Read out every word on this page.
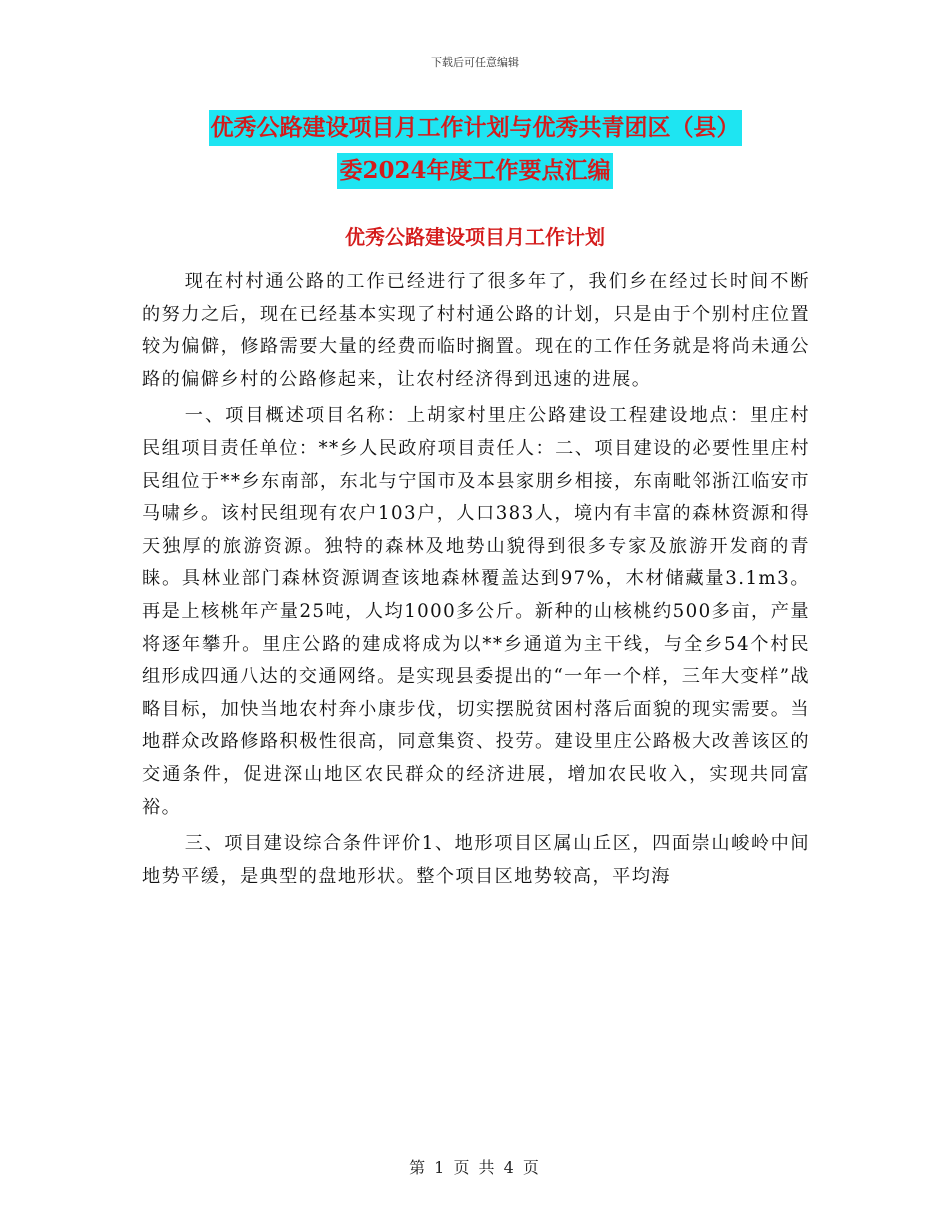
下载后可任意编辑
优秀公路建设项目月工作计划与优秀共青团区（县）
委2024年度工作要点汇编
优秀公路建设项目月工作计划

现在村村通公路的工作已经进行了很多年了，我们乡在经过长时间不断的努力之后，现在已经基本实现了村村通公路的计划，只是由于个别村庄位置较为偏僻，修路需要大量的经费而临时搁置。现在的工作任务就是将尚未通公路的偏僻乡村的公路修起来，让农村经济得到迅速的进展。

一、项目概述项目名称：上胡家村里庄公路建设工程建设地点：里庄村民组项目责任单位：**乡人民政府项目责任人：二、项目建设的必要性里庄村民组位于**乡东南部，东北与宁国市及本县家朋乡相接，东南毗邻浙江临安市马啸乡。该村民组现有农户103户，人口383人，境内有丰富的森林资源和得天独厚的旅游资源。独特的森林及地势山貌得到很多专家及旅游开发商的青睐。具林业部门森林资源调查该地森林覆盖达到97%，木材储藏量3.1m3。再是上核桃年产量25吨，人均1000多公斤。新种的山核桃约500多亩，产量将逐年攀升。里庄公路的建成将成为以**乡通道为主干线，与全乡54个村民组形成四通八达的交通网络。是实现县委提出的“一年一个样，三年大变样”战略目标，加快当地农村奔小康步伐，切实摆脱贫困村落后面貌的现实需要。当地群众改路修路积极性很高，同意集资、投劳。建设里庄公路极大改善该区的交通条件，促进深山地区农民群众的经济进展，增加农民收入，实现共同富裕。

三、项目建设综合条件评价1、地形项目区属山丘区，四面崇山峻岭中间地势平缓，是典型的盘地形状。整个项目区地势较高，平均海

第 1 页 共 4 页
